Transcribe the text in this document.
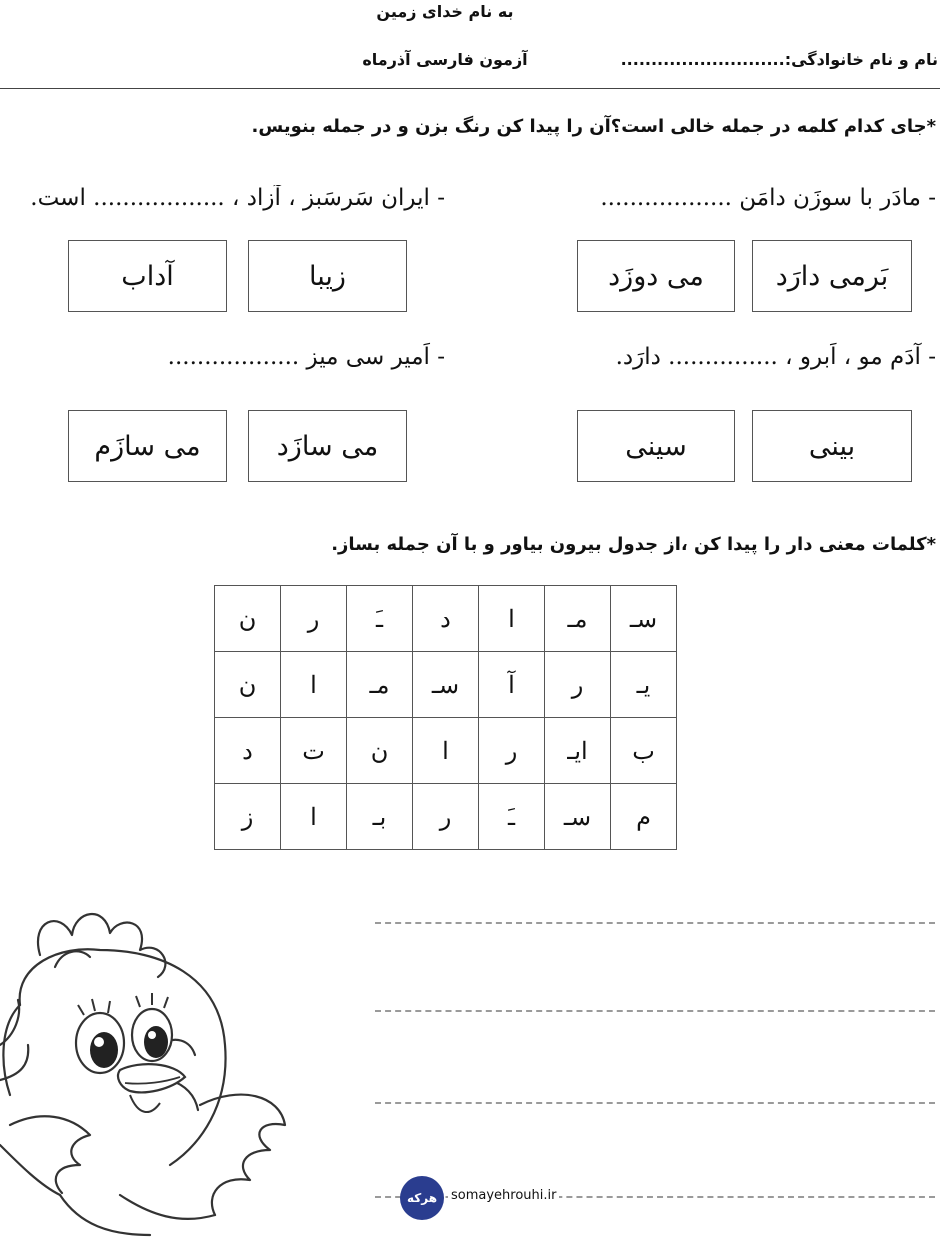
به نام خدای زمین
آزمون فارسی آذرماه	نام و نام خانوادگی:...........................
*جای کدام کلمه در جمله خالی است؟آن را پیدا کن رنگ بزن و در جمله بنویس.
- مادَر با سوزَن دامَن ..................
- ایران سَرسَبز ، آزاد ، .................. است.
بَرمی دارَد
می دوزَد
زیبا
آداب
- آدَم مو ، اَبرو ، ............... دارَد.
- اَمیر سی میز ..................
بینی
سینی
می سازَد
می سازَم
*کلمات معنی دار را پیدا کن ،از جدول بیرون بیاور و با آن جمله بساز.
سـ	مـ	ا	د	ـَ	ر	ن
یـ	ر	آ	سـ	مـ	ا	ن
ب	ایـ	ر	ا	ن	ت	د
م	سـ	ـَ	ر	بـ	ا	ز
هرکه somayehrouhi.ir
